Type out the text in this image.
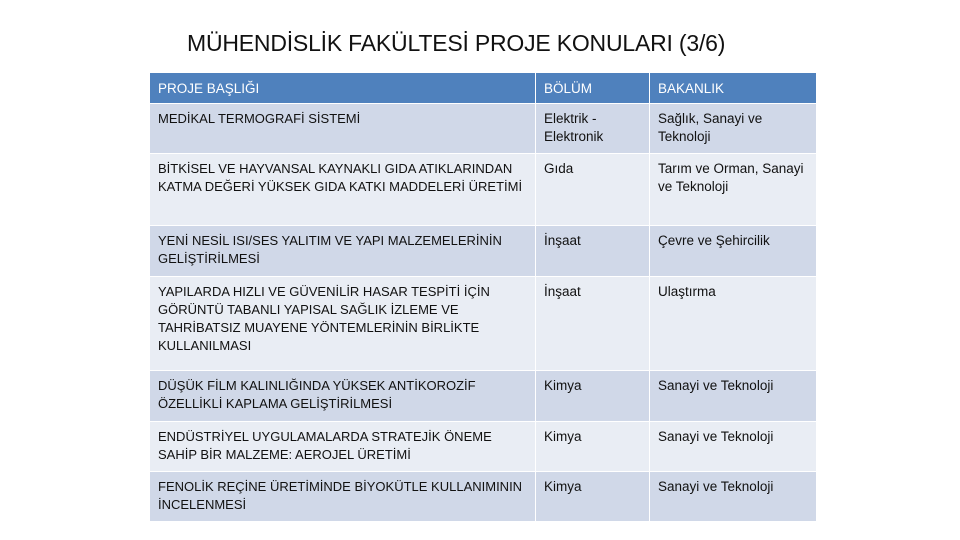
MÜHENDİSLİK FAKÜLTESİ PROJE KONULARI (3/6)
PROJE BAŞLIĞI	BÖLÜM	BAKANLIK
MEDİKAL TERMOGRAFİ SİSTEMİ	Elektrik - Elektronik	Sağlık, Sanayi ve Teknoloji
BİTKİSEL VE HAYVANSAL KAYNAKLI GIDA ATIKLARINDAN KATMA DEĞERİ YÜKSEK GIDA KATKI MADDELERİ ÜRETİMİ	Gıda	Tarım ve Orman, Sanayi ve Teknoloji
YENİ NESİL ISI/SES YALITIM VE YAPI MALZEMELERİNİN GELİŞTİRİLMESİ	İnşaat	Çevre ve Şehircilik
YAPILARDA HIZLI VE GÜVENİLİR HASAR TESPİTİ İÇİN GÖRÜNTÜ TABANLI YAPISAL SAĞLIK İZLEME VE TAHRİBATSIZ MUAYENE YÖNTEMLERİNİN BİRLİKTE KULLANILMASI	İnşaat	Ulaştırma
DÜŞÜK FİLM KALINLIĞINDA YÜKSEK ANTİKOROZİF ÖZELLİKLİ KAPLAMA GELİŞTİRİLMESİ	Kimya	Sanayi ve Teknoloji
ENDÜSTRİYEL UYGULAMALARDA STRATEJİK ÖNEME SAHİP BİR MALZEME: AEROJEL ÜRETİMİ	Kimya	Sanayi ve Teknoloji
FENOLİK REÇİNE ÜRETİMİNDE BİYOKÜTLE KULLANIMININ İNCELENMESİ	Kimya	Sanayi ve Teknoloji
